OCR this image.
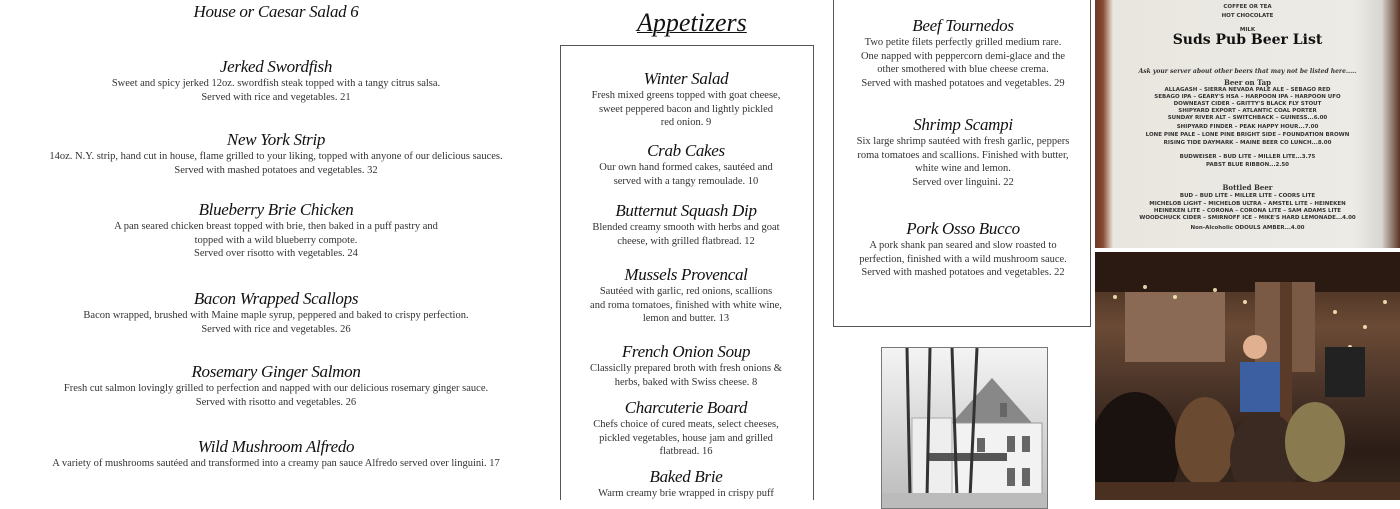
House or Caesar Salad 6
Jerked Swordfish

Sweet and spicy jerked 12oz. swordfish steak topped with a tangy citrus salsa.

Served with rice and vegetables. 21

New York Strip

14oz. N.Y. strip, hand cut in house, flame grilled to your liking, topped with anyone of our delicious sauces.

Served with mashed potatoes and vegetables. 32

Blueberry Brie Chicken

A pan seared chicken breast topped with brie, then baked in a puff pastry and

topped with a wild blueberry compote.

Served over risotto with vegetables. 24

Bacon Wrapped Scallops

Bacon wrapped, brushed with Maine maple syrup, peppered and baked to crispy perfection.

Served with rice and vegetables. 26

Rosemary Ginger Salmon

Fresh cut salmon lovingly grilled to perfection and napped with our delicious rosemary ginger sauce.

Served with risotto and vegetables. 26

Wild Mushroom Alfredo

A variety of mushrooms sautéed and transformed into a creamy pan sauce Alfredo served over linguini. 17

Appetizers
Winter Salad

Fresh mixed greens topped with goat cheese,

sweet peppered bacon and lightly pickled

red onion. 9

Crab Cakes

Our own hand formed cakes, sautéed and

served with a tangy remoulade. 10

Butternut Squash Dip

Blended creamy smooth with herbs and goat

cheese, with grilled flatbread. 12

Mussels Provencal

Sautéed with garlic, red onions, scallions

and roma tomatoes, finished with white wine,

lemon and butter. 13

French Onion Soup

Classiclly prepared broth with fresh onions &

herbs, baked with Swiss cheese. 8

Charcuterie Board

Chefs choice of cured meats, select cheeses,

pickled vegetables, house jam and grilled

flatbread. 16

Baked Brie

Warm creamy brie wrapped in crispy puff

Beef Tournedos

Two petite filets perfectly grilled medium rare.

One napped with peppercorn demi-glace and the

other smothered with blue cheese crema.

Served with mashed potatoes and vegetables. 29

Shrimp Scampi

Six large shrimp sautéed with fresh garlic, peppers

roma tomatoes and scallions. Finished with butter,

white wine and lemon.

Served over linguini. 22

Pork Osso Bucco

A pork shank pan seared and slow roasted to

perfection, finished with a wild mushroom sauce.

Served with mashed potatoes and vegetables. 22

COFFEE OR TEA
HOT CHOCOLATE
MILK
Suds Pub Beer List
Ask your server about other beers that may not be listed here.....
Beer on Tap
ALLAGASH – SIERRA NEVADA PALE ALE – SEBAGO RED
SEBAGO IPA – GEARY'S HSA – HARPOON IPA – HARPOON UFO
DOWNEAST CIDER – GRITTY'S BLACK FLY STOUT
SHIPYARD EXPORT – ATLANTIC COAL PORTER
SUNDAY RIVER ALT – SWITCHBACK – GUINESS...6.00
SHIPYARD FINDER – PEAK HAPPY HOUR...7.00
LONE PINE PALE – LONE PINE BRIGHT SIDE – FOUNDATION BROWN
RISING TIDE DAYMARK – MAINE BEER CO LUNCH...8.00
BUDWEISER – BUD LITE – MILLER LITE...3.75
PABST BLUE RIBBON...2.50
Bottled Beer
BUD – BUD LITE – MILLER LITE – COORS LITE
MICHELOB LIGHT – MICHELOB ULTRA – AMSTEL LITE – HEINEKEN
HEINEKEN LITE – CORONA – CORONA LITE – SAM ADAMS LITE
WOODCHUCK CIDER – SMIRNOFF ICE – MIKE'S HARD LEMONADE...4.00
Non-Alcoholic ODOULS AMBER...4.00
